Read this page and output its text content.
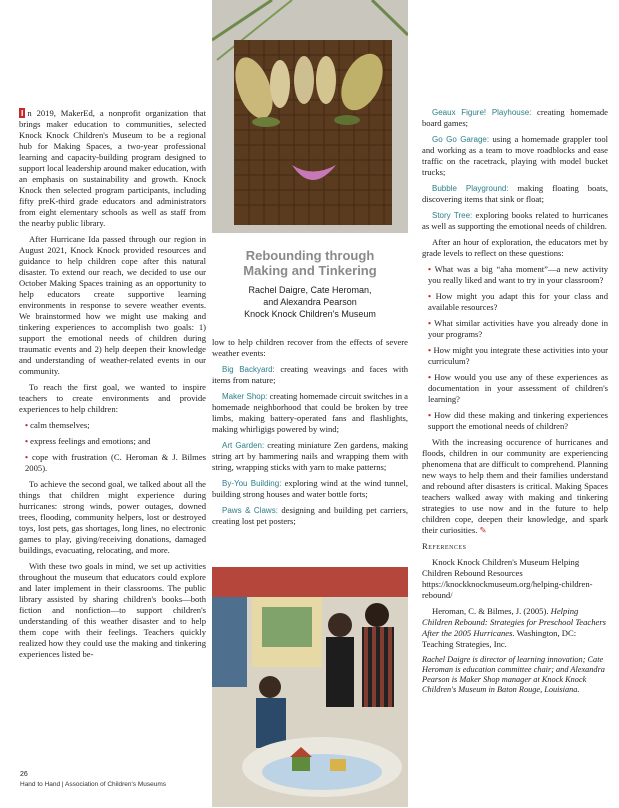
Rebounding through Making and Tinkering
Rachel Daigre, Cate Heroman,
and Alexandra Pearson
Knock Knock Children's Museum

I n 2019, MakerEd, a nonprofit organization that brings maker education to communities, selected Knock Knock Children's Museum to be a regional hub for Making Spaces, a two-year professional learning and capacity-building program designed to support local leadership around maker education, with an emphasis on sustainability and growth. Knock Knock then selected program participants, including fifty preK-third grade educators and administrators from eight elementary schools as well as staff from the nearby public library.

After Hurricane Ida passed through our region in August 2021, Knock Knock provided resources and guidance to help children cope after this natural disaster. To extend our reach, we decided to use our October Making Spaces training as an opportunity to help educators create supportive learning environments in response to severe weather events. We brainstormed how we might use making and tinkering experiences to accomplish two goals: 1) support the emotional needs of children during traumatic events and 2) help deepen their knowledge and understanding of weather-related events in our community.

To reach the first goal, we wanted to inspire teachers to create environments and provide experiences to help children:

• calm themselves;

• express feelings and emotions; and

• cope with frustration (C. Heroman & J. Bilmes 2005).

To achieve the second goal, we talked about all the things that children might experience during hurricanes: strong winds, power outages, downed trees, flooding, community helpers, lost or destroyed toys, lost pets, gas shortages, long lines, no electronic games to play, giving/receiving donations, damaged buildings, evacuating, relocating, and more.

With these two goals in mind, we set up activities throughout the museum that educators could explore and later implement in their classrooms. The public library assisted by sharing children's books—both fiction and nonfiction—to support children's understanding of this weather disaster and to help them cope with their feelings. Teachers quickly realized how they could use the making and tinkering experiences listed be-

low to help children recover from the effects of severe weather events:

Big Backyard: creating weavings and faces with items from nature;

Maker Shop: creating homemade circuit switches in a homemade neighborhood that could be broken by tree limbs, making battery-operated fans and flashlights, making whirligigs powered by wind;

Art Garden: creating miniature Zen gardens, making string art by hammering nails and wrapping them with string, wrapping sticks with yarn to make patterns;

By-You Building: exploring wind at the wind tunnel, building strong houses and water bottle forts;

Paws & Claws: designing and building pet carriers, creating lost pet posters;

Geaux Figure! Playhouse: creating homemade board games;

Go Go Garage: using a homemade grappler tool and working as a team to move roadblocks and ease traffic on the racetrack, playing with model bucket trucks;

Bubble Playground: making floating boats, discovering items that sink or float;

Story Tree: exploring books related to hurricanes as well as supporting the emotional needs of children.

After an hour of exploration, the educators met by grade levels to reflect on these questions:

• What was a big “aha moment”—a new activity you really liked and want to try in your classroom?

• How might you adapt this for your class and available resources?

• What similar activities have you already done in your programs?

• How might you integrate these activities into your curriculum?

• How would you use any of these experiences as documentation in your assessment of children's learning?

• How did these making and tinkering experiences support the emotional needs of children?

With the increasing occurence of hurricanes and floods, children in our community are experiencing phenomena that are difficult to comprehend. Planning new ways to help them and their families understand and rebound after disasters is critical. Making Spaces teachers walked away with making and tinkering strategies to use now and in the future to help children cope, deepen their knowledge, and spark their curiosities. ✎

References

Knock Knock Children's Museum Helping Children Rebound Resources https://knockknockmuseum.org/helping-children-rebound/

Heroman, C. & Bilmes, J. (2005). Helping Children Rebound: Strategies for Preschool Teachers After the 2005 Hurricanes. Washington, DC: Teaching Strategies, Inc.

Rachel Daigre is director of learning innovation; Cate Heroman is education committee chair; and Alexandra Pearson is Maker Shop manager at Knock Knock Children's Museum in Baton Rouge, Louisiana.

26
Hand to Hand | Association of Children's Museums
